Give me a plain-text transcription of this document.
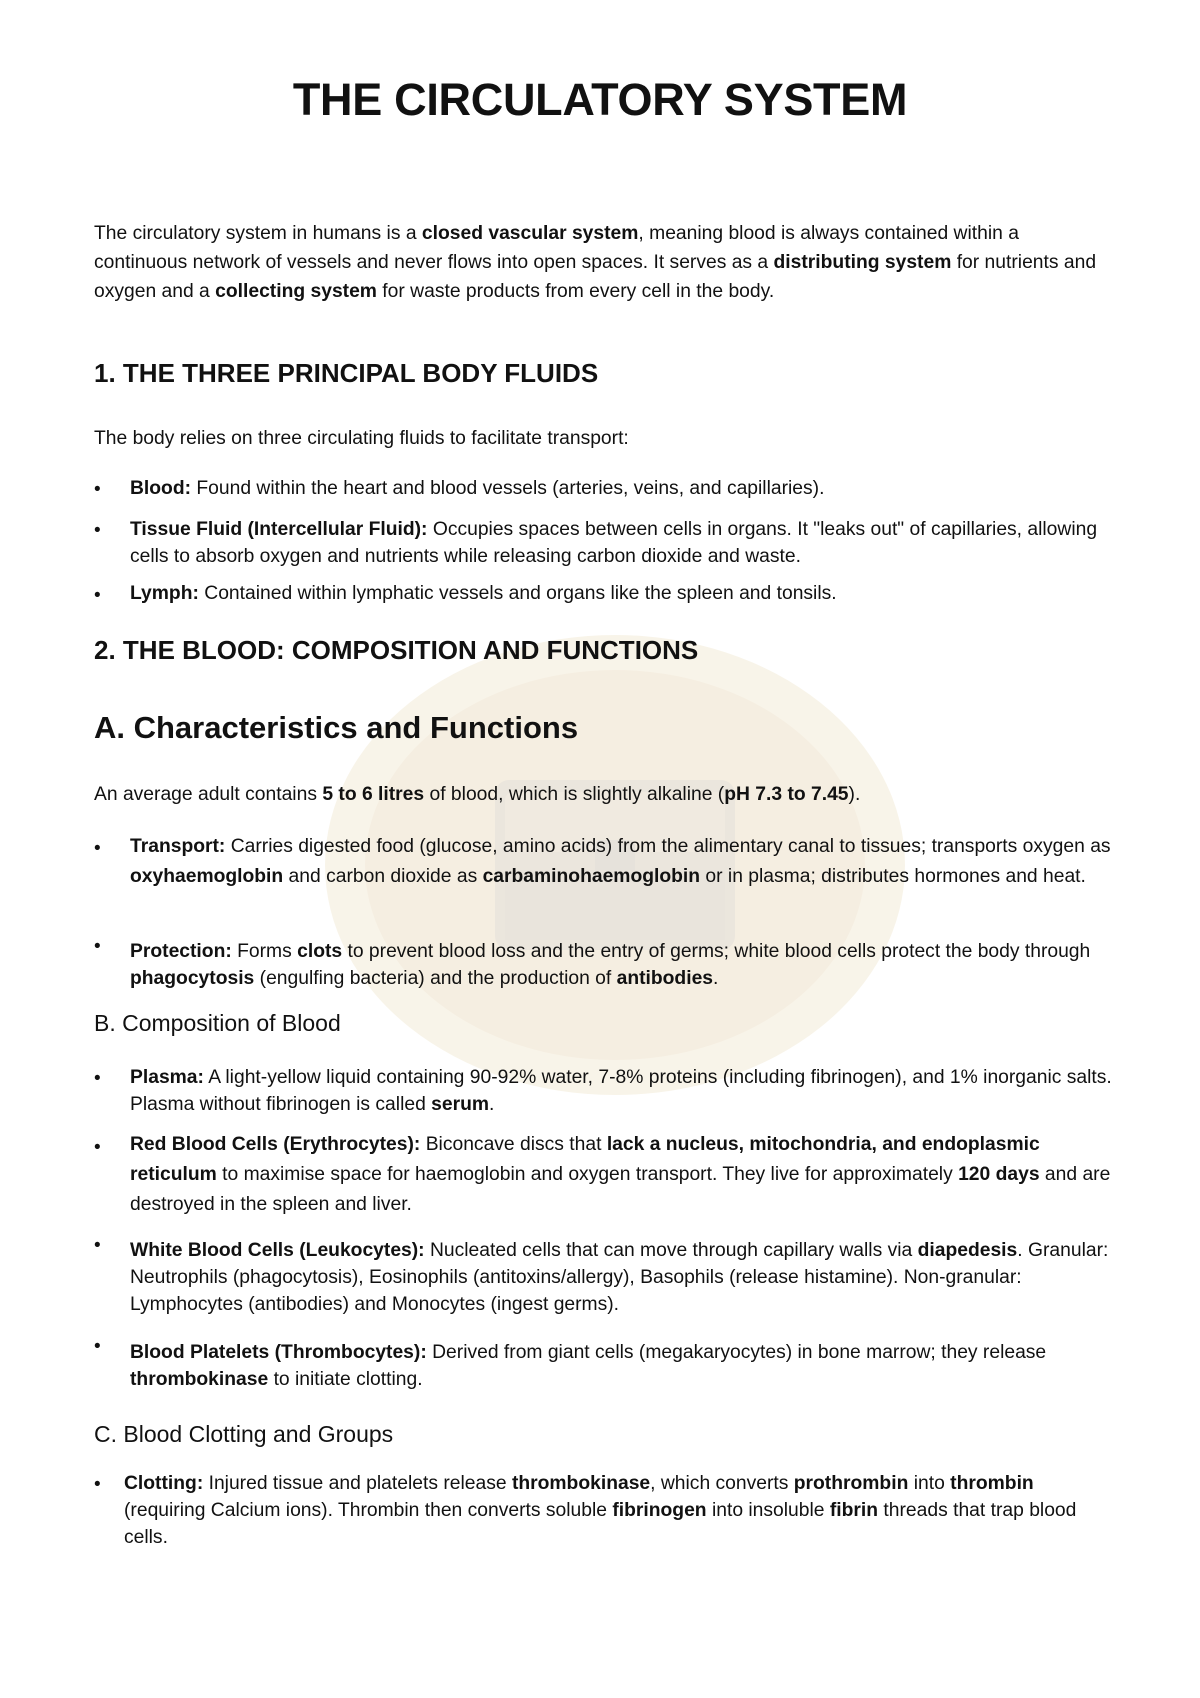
THE CIRCULATORY SYSTEM

The circulatory system in humans is a closed vascular system, meaning blood is always contained within a continuous network of vessels and never flows into open spaces. It serves as a distributing system for nutrients and oxygen and a collecting system for waste products from every cell in the body.

1. THE THREE PRINCIPAL BODY FLUIDS

The body relies on three circulating fluids to facilitate transport:

• Blood: Found within the heart and blood vessels (arteries, veins, and capillaries).

• Tissue Fluid (Intercellular Fluid): Occupies spaces between cells in organs. It "leaks out" of capillaries, allowing cells to absorb oxygen and nutrients while releasing carbon dioxide and waste.

• Lymph: Contained within lymphatic vessels and organs like the spleen and tonsils.

2. THE BLOOD: COMPOSITION AND FUNCTIONS
A. Characteristics and Functions

An average adult contains 5 to 6 litres of blood, which is slightly alkaline (pH 7.3 to 7.45).

• Transport: Carries digested food (glucose, amino acids) from the alimentary canal to tissues; transports oxygen as oxyhaemoglobin and carbon dioxide as carbaminohaemoglobin or in plasma; distributes hormones and heat.

• Protection: Forms clots to prevent blood loss and the entry of germs; white blood cells protect the body through phagocytosis (engulfing bacteria) and the production of antibodies.

B. Composition of Blood
• Plasma: A light-yellow liquid containing 90-92% water, 7-8% proteins (including fibrinogen), and 1% inorganic salts. Plasma without fibrinogen is called serum.

• Red Blood Cells (Erythrocytes): Biconcave discs that lack a nucleus, mitochondria, and endoplasmic reticulum to maximise space for haemoglobin and oxygen transport. They live for approximately 120 days and are destroyed in the spleen and liver.

• White Blood Cells (Leukocytes): Nucleated cells that can move through capillary walls via diapedesis. Granular: Neutrophils (phagocytosis), Eosinophils (antitoxins/allergy), Basophils (release histamine). Non-granular: Lymphocytes (antibodies) and Monocytes (ingest germs).

• Blood Platelets (Thrombocytes): Derived from giant cells (megakaryocytes) in bone marrow; they release thrombokinase to initiate clotting.

C. Blood Clotting and Groups
• Clotting: Injured tissue and platelets release thrombokinase, which converts prothrombin into thrombin (requiring Calcium ions). Thrombin then converts soluble fibrinogen into insoluble fibrin threads that trap blood cells.
